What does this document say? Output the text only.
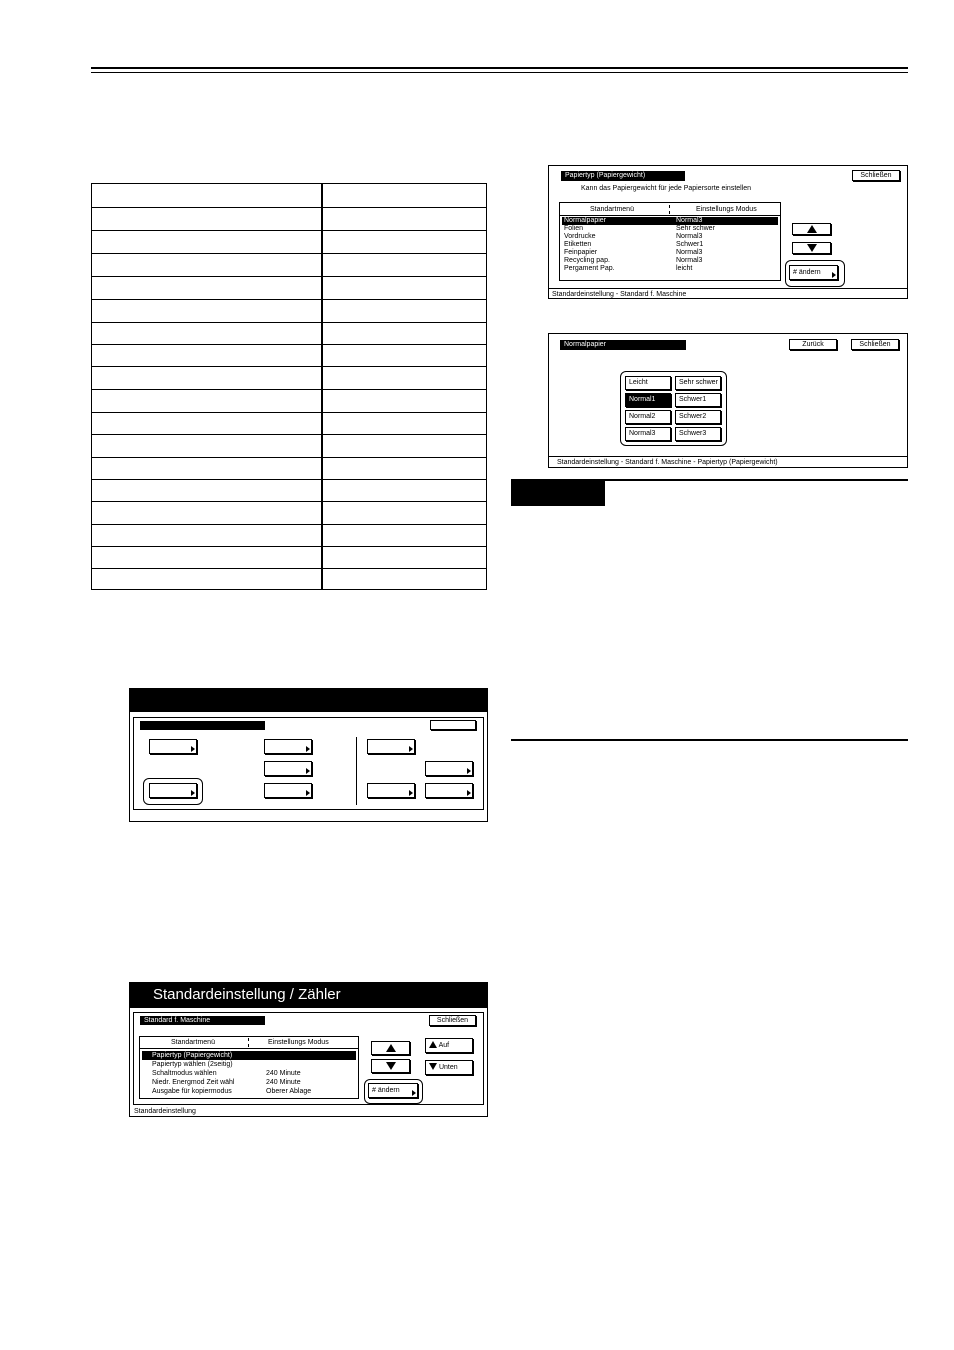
Papiertyp (Papiergewicht)	Schließen
Kann das Papiergewicht für jede Papiersorte einstellen
Standartmenü	Einstellungs Modus
Normalpapier	Normal3
Folien	Sehr schwer
Vordrucke	Normal3
Etiketten	Schwer1
Feinpapier	Normal3
Recycling pap.	Normal3
Pergament Pap.	leicht
# ändern
Standardeinstellung - Standard f. Maschine
Normalpapier	Zurück	Schließen
Leicht	Sehr schwer
Normal1	Schwer1
Normal2	Schwer2
Normal3	Schwer3
Standardeinstellung - Standard f. Maschine - Papiertyp (Papiergewicht)
Standardeinstellung / Zähler
Standard f. Maschine	Schließen
Standartmenü	Einstellungs Modus
Papiertyp (Papiergewicht)
Papiertyp wählen (2seitig)
Schaltmodus wählen	240 Minute
Niedr. Energmod Zeit wähl	240 Minute
Ausgabe für kopiermodus	Oberer Ablage
Auf
Unten
# ändern
Standardeinstellung
